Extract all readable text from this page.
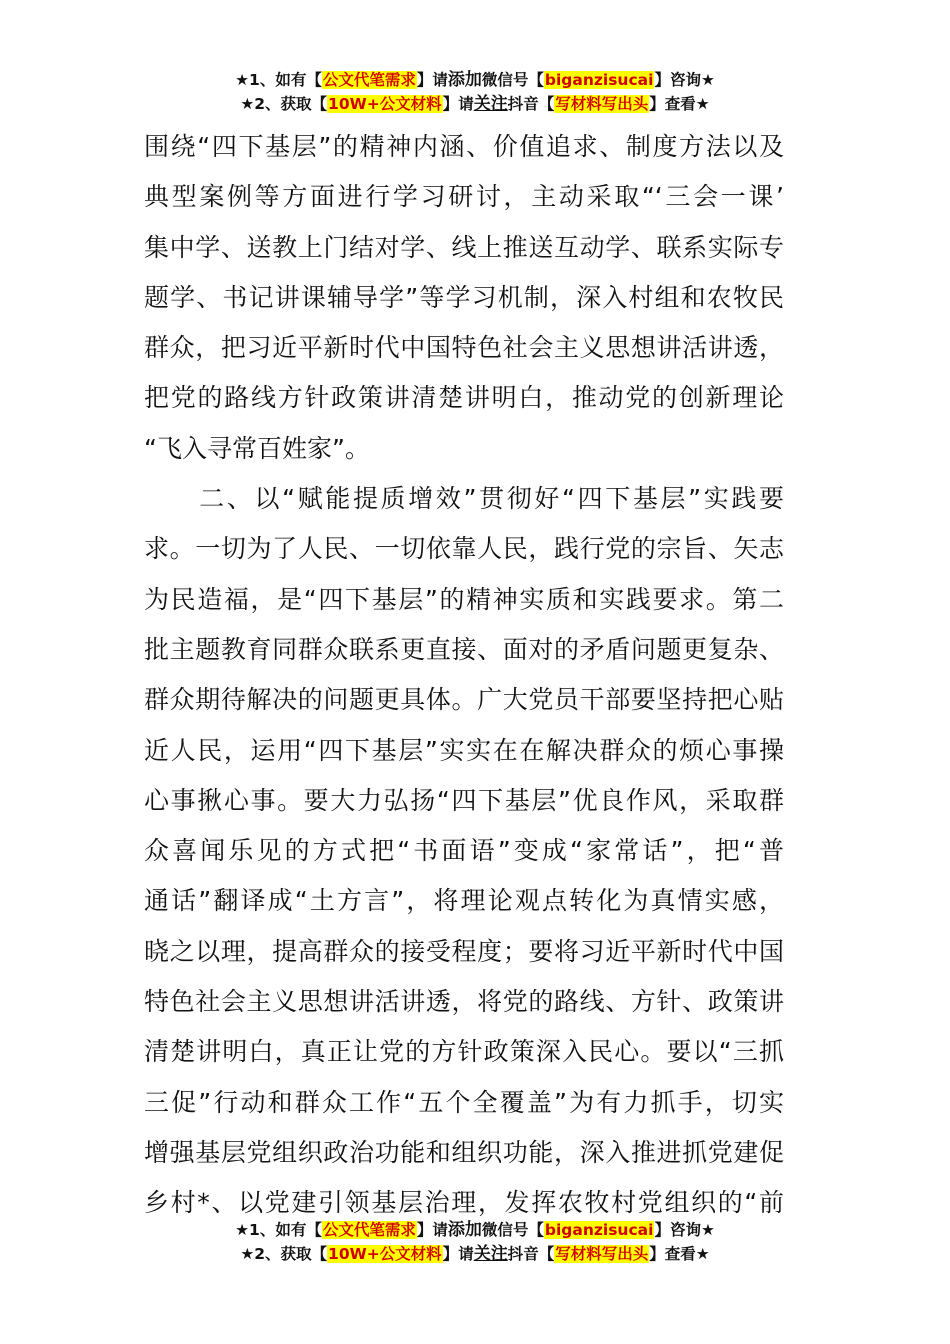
★1、如有【公文代笔需求】请添加微信号【biganzisucai】咨询★
★2、获取【10W+公文材料】请关注抖音【写材料写出头】查看★
围绕“四下基层”的精神内涵、价值追求、制度方法以及
典型案例等方面进行学习研讨，主动采取“‘三会一课’
集中学、送教上门结对学、线上推送互动学、联系实际专
题学、书记讲课辅导学”等学习机制，深入村组和农牧民
群众，把习近平新时代中国特色社会主义思想讲活讲透，
把党的路线方针政策讲清楚讲明白，推动党的创新理论
“飞入寻常百姓家”。
　　二、以“赋能提质增效”贯彻好“四下基层”实践要
求。一切为了人民、一切依靠人民，践行党的宗旨、矢志
为民造福，是“四下基层”的精神实质和实践要求。第二
批主题教育同群众联系更直接、面对的矛盾问题更复杂、
群众期待解决的问题更具体。广大党员干部要坚持把心贴
近人民，运用“四下基层”实实在在解决群众的烦心事操
心事揪心事。要大力弘扬“四下基层”优良作风，采取群
众喜闻乐见的方式把“书面语”变成“家常话”，把“普
通话”翻译成“土方言”，将理论观点转化为真情实感，
晓之以理，提高群众的接受程度；要将习近平新时代中国
特色社会主义思想讲活讲透，将党的路线、方针、政策讲
清楚讲明白，真正让党的方针政策深入民心。要以“三抓
三促”行动和群众工作“五个全覆盖”为有力抓手，切实
增强基层党组织政治功能和组织功能，深入推进抓党建促
乡村*、以党建引领基层治理，发挥农牧村党组织的“前
★1、如有【公文代笔需求】请添加微信号【biganzisucai】咨询★
★2、获取【10W+公文材料】请关注抖音【写材料写出头】查看★
